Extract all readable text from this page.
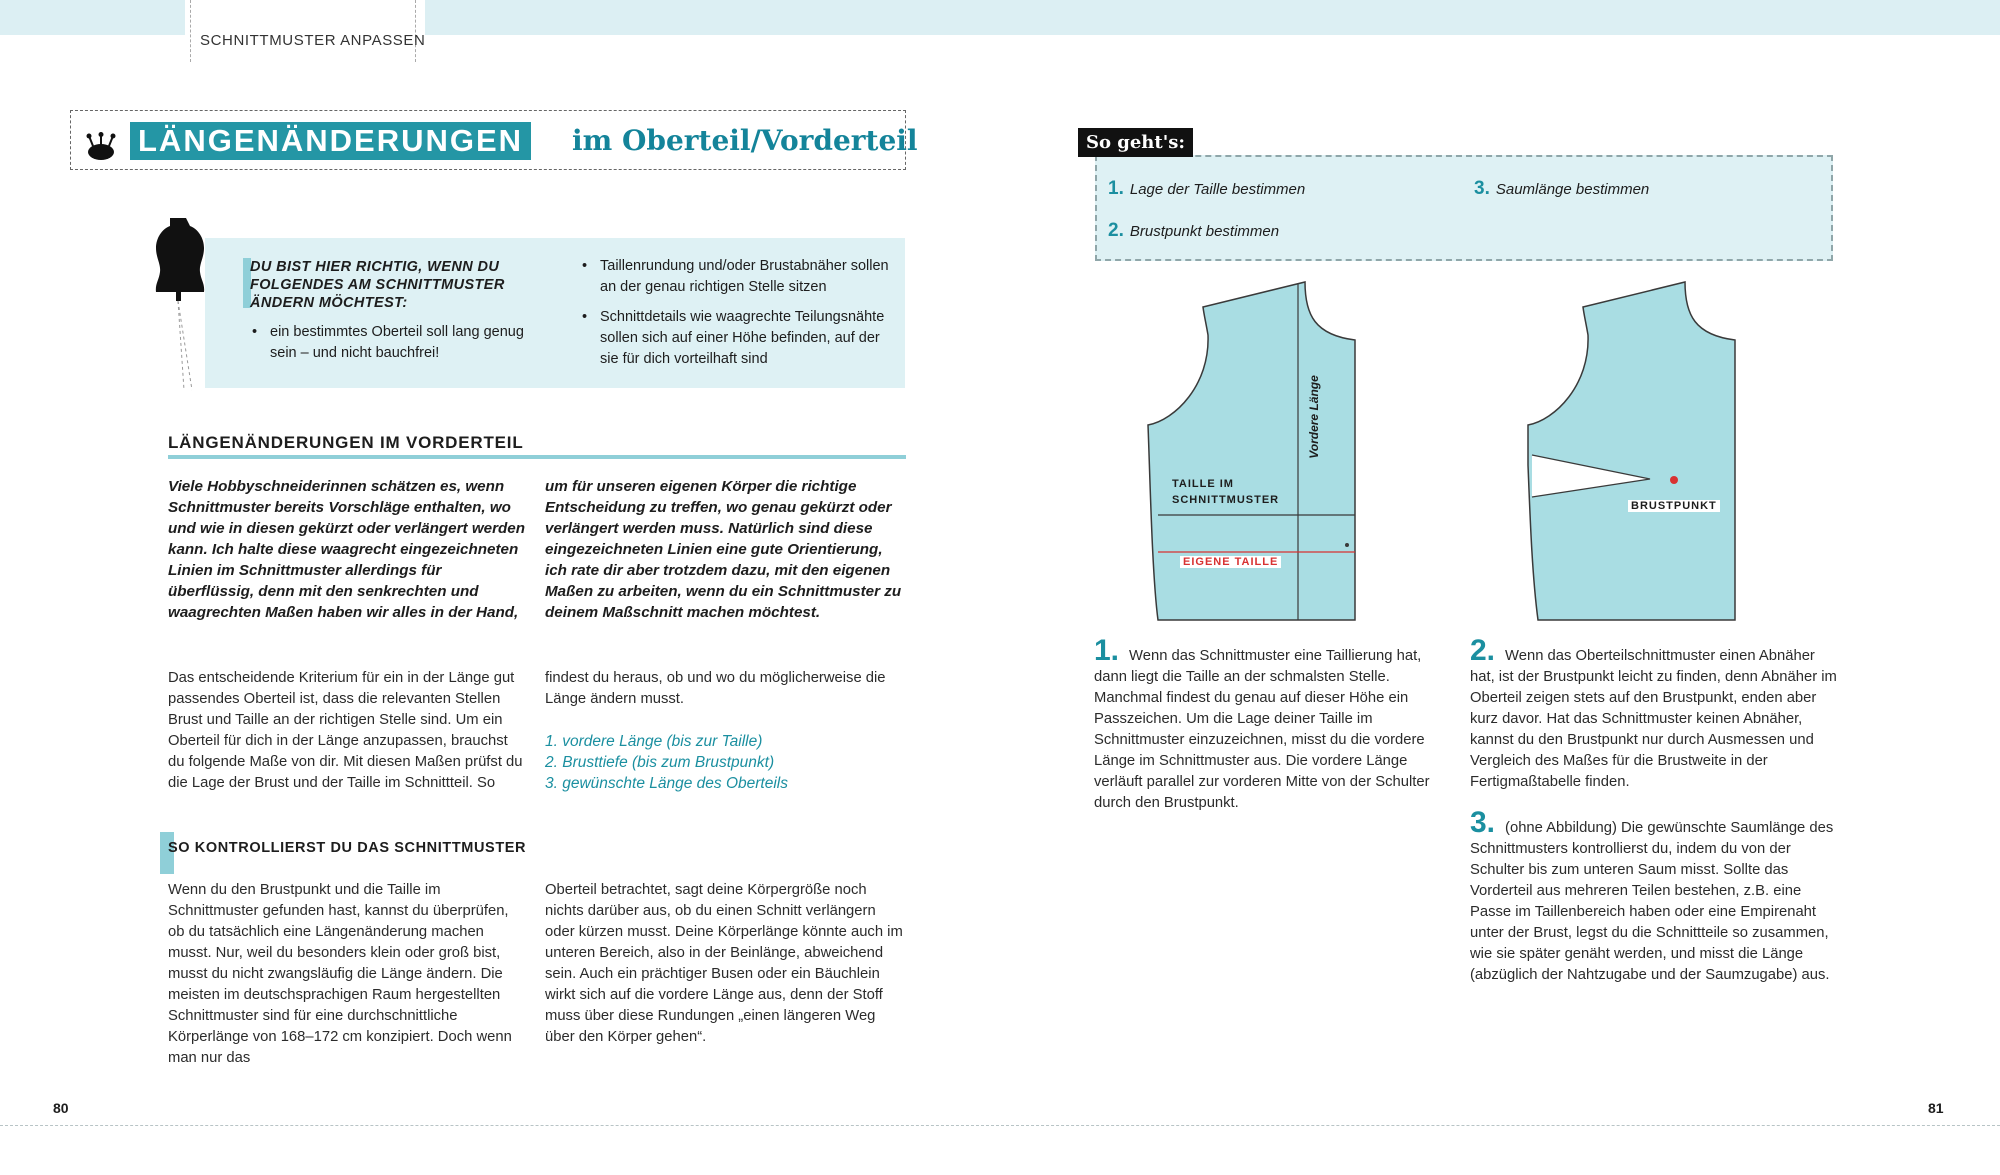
SCHNITTMUSTER ANPASSEN
LÄNGENÄNDERUNGEN im Oberteil/Vorderteil
DU BIST HIER RICHTIG, WENN DU FOLGENDES AM SCHNITTMUSTER ÄNDERN MÖCHTEST:
• ein bestimmtes Oberteil soll lang genug sein – und nicht bauchfrei!
• Taillenrundung und/oder Brustabnäher sollen an der genau richtigen Stelle sitzen
• Schnittdetails wie waagrechte Teilungsnähte sollen sich auf einer Höhe befinden, auf der sie für dich vorteilhaft sind
LÄNGENÄNDERUNGEN IM VORDERTEIL
Viele Hobbyschneiderinnen schätzen es, wenn Schnittmuster bereits Vorschläge enthalten, wo und wie in diesen gekürzt oder verlängert werden kann. Ich halte diese waagrecht eingezeichneten Linien im Schnittmuster allerdings für überflüssig, denn mit den senkrechten und waagrechten Maßen haben wir alles in der Hand,
um für unseren eigenen Körper die richtige Entscheidung zu treffen, wo genau gekürzt oder verlängert werden muss. Natürlich sind diese eingezeichneten Linien eine gute Orientierung, ich rate dir aber trotzdem dazu, mit den eigenen Maßen zu arbeiten, wenn du ein Schnittmuster zu deinem Maßschnitt machen möchtest.
Das entscheidende Kriterium für ein in der Länge gut passendes Oberteil ist, dass die relevanten Stellen Brust und Taille an der richtigen Stelle sind. Um ein Oberteil für dich in der Länge anzupassen, brauchst du folgende Maße von dir. Mit diesen Maßen prüfst du die Lage der Brust und der Taille im Schnittteil. So
findest du heraus, ob und wo du möglicherweise die Länge ändern musst.
1. vordere Länge (bis zur Taille)
2. Brusttiefe (bis zum Brustpunkt)
3. gewünschte Länge des Oberteils
SO KONTROLLIERST DU DAS SCHNITTMUSTER
Wenn du den Brustpunkt und die Taille im Schnittmuster gefunden hast, kannst du überprüfen, ob du tatsächlich eine Längenänderung machen musst. Nur, weil du besonders klein oder groß bist, musst du nicht zwangsläufig die Länge ändern. Die meisten im deutschsprachigen Raum hergestellten Schnittmuster sind für eine durchschnittliche Körperlänge von 168–172 cm konzipiert. Doch wenn man nur das
Oberteil betrachtet, sagt deine Körpergröße noch nichts darüber aus, ob du einen Schnitt verlängern oder kürzen musst. Deine Körperlänge könnte auch im unteren Bereich, also in der Beinlänge, abweichend sein. Auch ein prächtiger Busen oder ein Bäuchlein wirkt sich auf die vordere Länge aus, denn der Stoff muss über diese Rundungen „einen längeren Weg über den Körper gehen“.
80	81
So geht's:
1. Lage der Taille bestimmen
2. Brustpunkt bestimmen
3. Saumlänge bestimmen
TAILLE IM SCHNITTMUSTER
EIGENE TAILLE
Vordere Länge
BRUSTPUNKT
1. Wenn das Schnittmuster eine Taillierung hat, dann liegt die Taille an der schmalsten Stelle. Manchmal findest du genau auf dieser Höhe ein Passzeichen. Um die Lage deiner Taille im Schnittmuster einzuzeichnen, misst du die vordere Länge im Schnittmuster aus. Die vordere Länge verläuft parallel zur vorderen Mitte von der Schulter durch den Brustpunkt.
2. Wenn das Oberteilschnittmuster einen Abnäher hat, ist der Brustpunkt leicht zu finden, denn Abnäher im Oberteil zeigen stets auf den Brustpunkt, enden aber kurz davor. Hat das Schnittmuster keinen Abnäher, kannst du den Brustpunkt nur durch Ausmessen und Vergleich des Maßes für die Brustweite in der Fertigmaßtabelle finden.
3. (ohne Abbildung) Die gewünschte Saumlänge des Schnittmusters kontrollierst du, indem du von der Schulter bis zum unteren Saum misst. Sollte das Vorderteil aus mehreren Teilen bestehen, z.B. eine Passe im Taillenbereich haben oder eine Empirenaht unter der Brust, legst du die Schnittteile so zusammen, wie sie später genäht werden, und misst die Länge (abzüglich der Nahtzugabe und der Saumzugabe) aus.
